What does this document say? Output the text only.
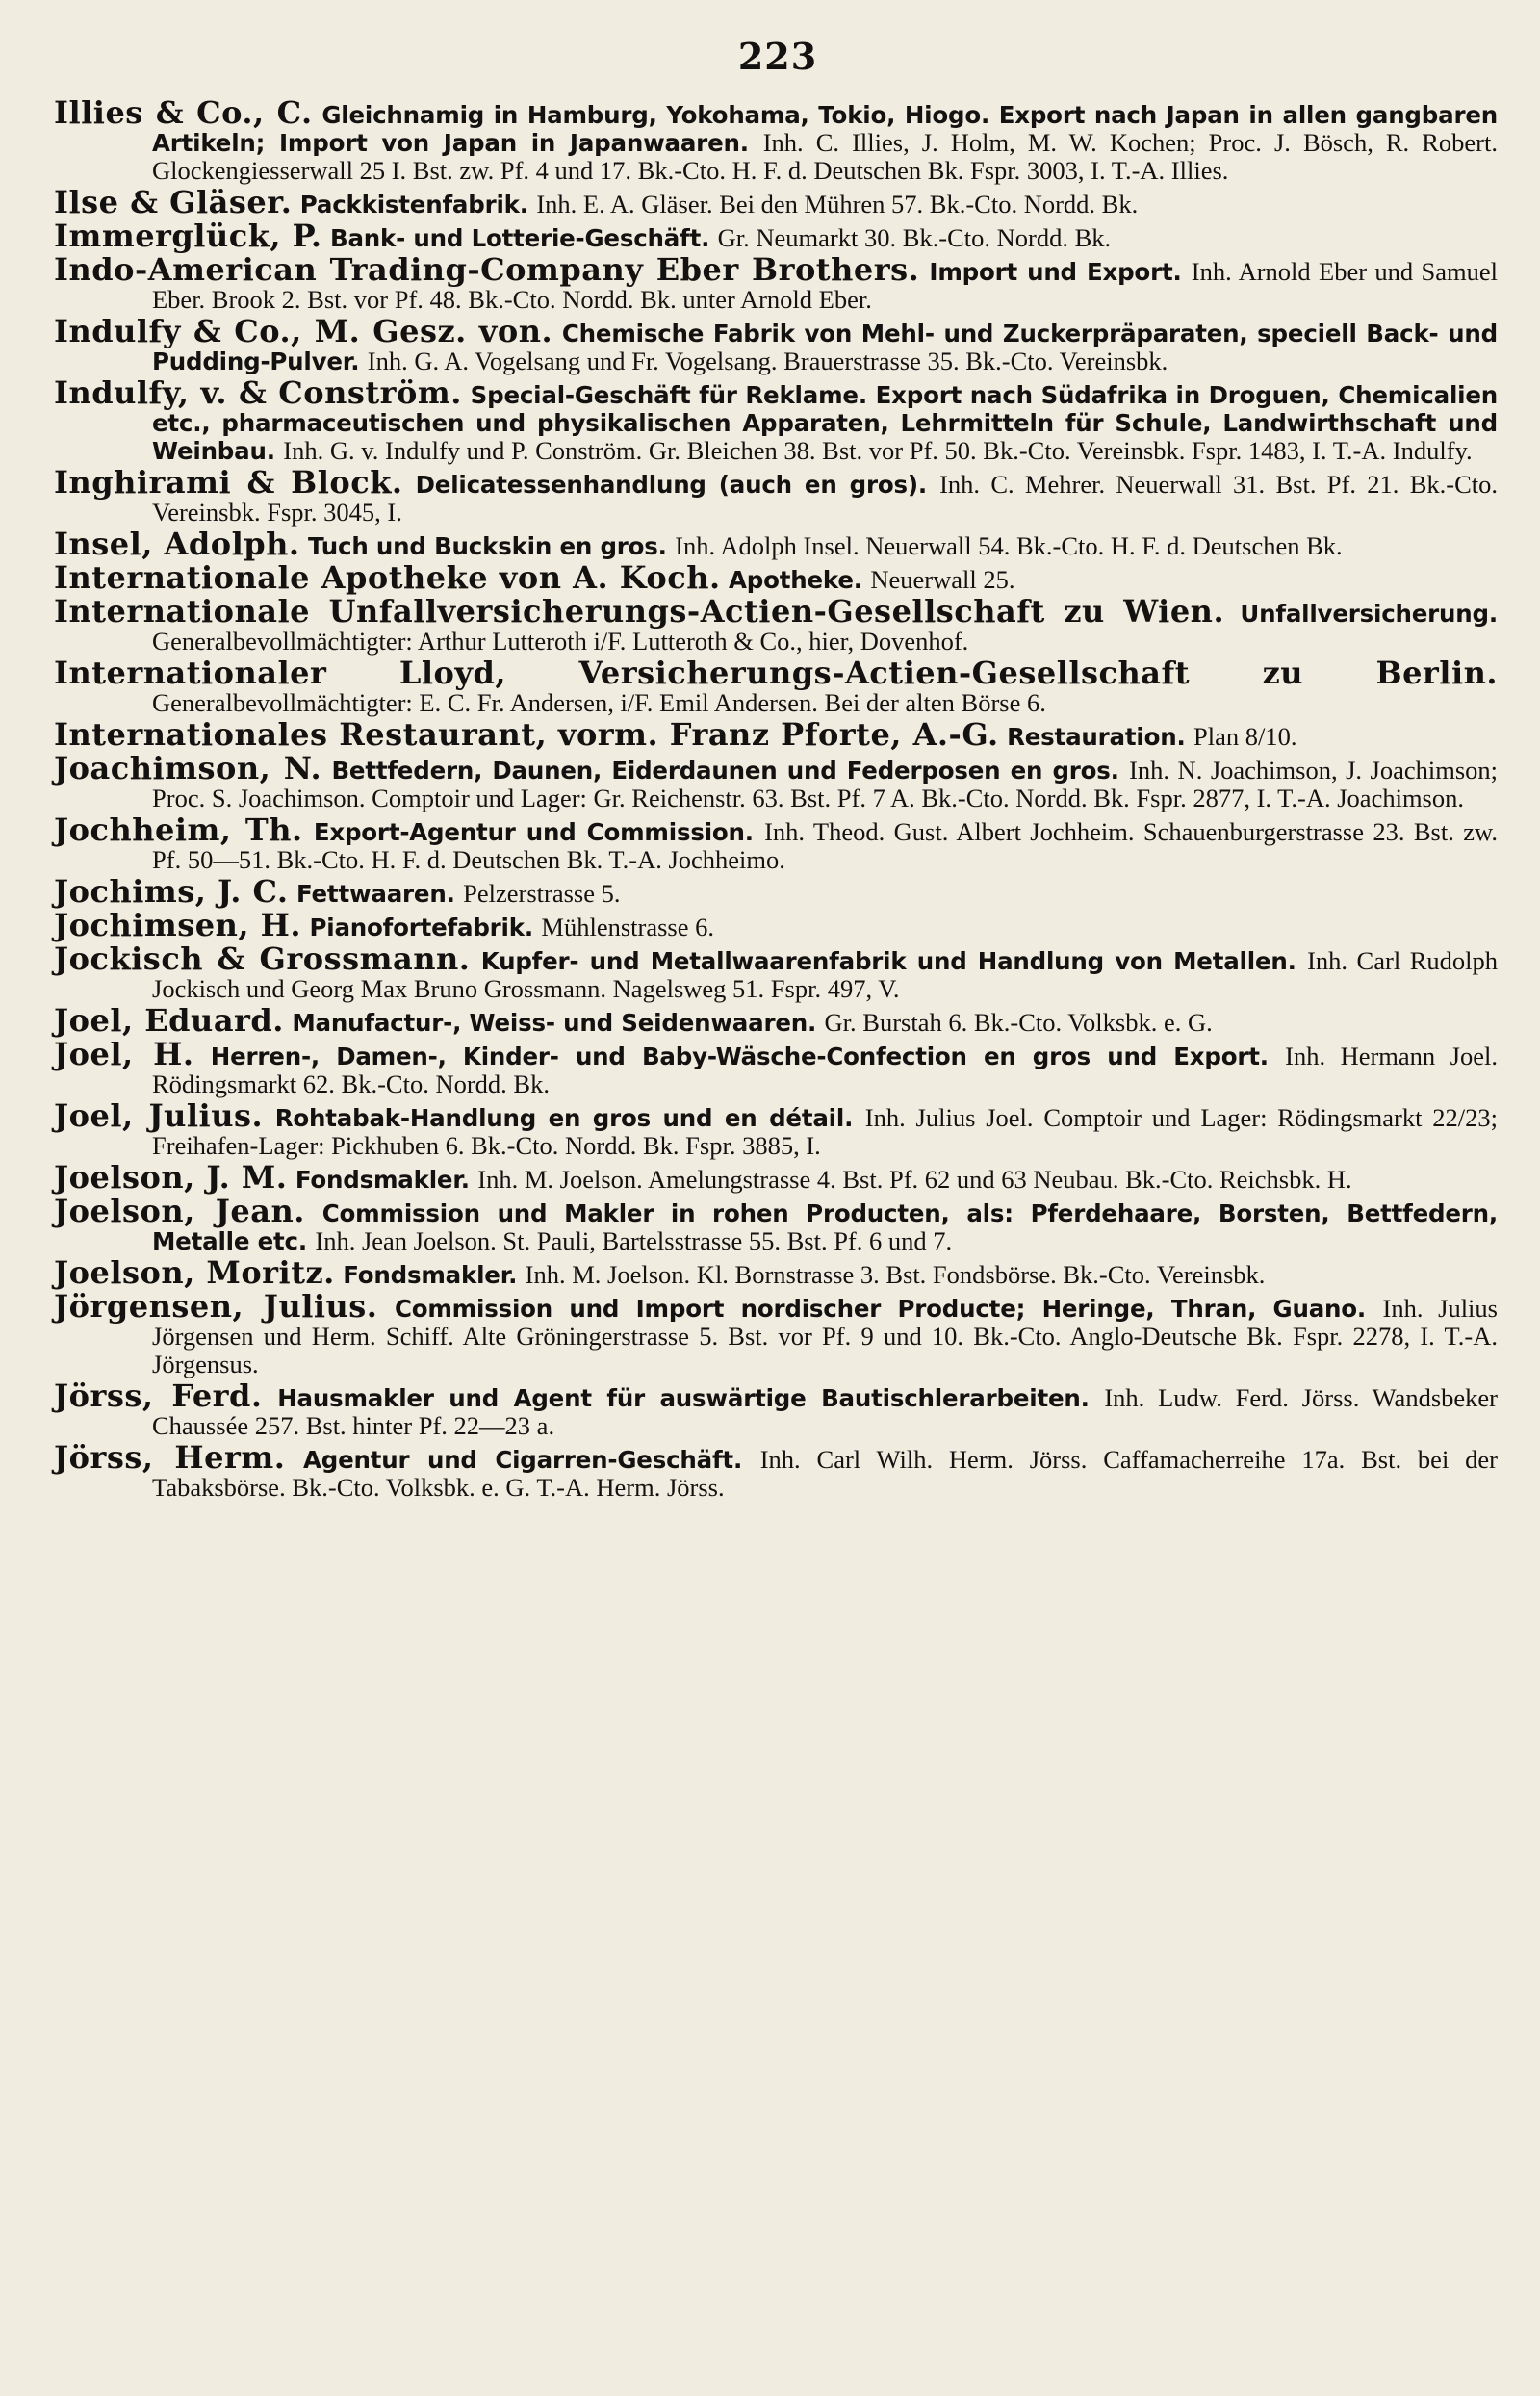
223

Illies & Co., C. Gleichnamig in Hamburg, Yokohama, Tokio, Hiogo. Export nach Japan in allen gangbaren Artikeln; Import von Japan in Japanwaaren. Inh. C. Illies, J. Holm, M. W. Kochen; Proc. J. Bösch, R. Robert. Glockengiesserwall 25 I. Bst. zw. Pf. 4 und 17. Bk.-Cto. H. F. d. Deutschen Bk. Fspr. 3003, I. T.-A. Illies.

Ilse & Gläser. Packkistenfabrik. Inh. E. A. Gläser. Bei den Mühren 57. Bk.-Cto. Nordd. Bk.

Immerglück, P. Bank- und Lotterie-Geschäft. Gr. Neumarkt 30. Bk.-Cto. Nordd. Bk.

Indo-American Trading-Company Eber Brothers. Import und Export. Inh. Arnold Eber und Samuel Eber. Brook 2. Bst. vor Pf. 48. Bk.-Cto. Nordd. Bk. unter Arnold Eber.

Indulfy & Co., M. Gesz. von. Chemische Fabrik von Mehl- und Zuckerpräparaten, speciell Back- und Pudding-Pulver. Inh. G. A. Vogelsang und Fr. Vogelsang. Brauerstrasse 35. Bk.-Cto. Vereinsbk.

Indulfy, v. & Conström. Special-Geschäft für Reklame. Export nach Südafrika in Droguen, Chemicalien etc., pharmaceutischen und physikalischen Apparaten, Lehrmitteln für Schule, Landwirthschaft und Weinbau. Inh. G. v. Indulfy und P. Conström. Gr. Bleichen 38. Bst. vor Pf. 50. Bk.-Cto. Vereinsbk. Fspr. 1483, I. T.-A. Indulfy.

Inghirami & Block. Delicatessenhandlung (auch en gros). Inh. C. Mehrer. Neuerwall 31. Bst. Pf. 21. Bk.-Cto. Vereinsbk. Fspr. 3045, I.

Insel, Adolph. Tuch und Buckskin en gros. Inh. Adolph Insel. Neuerwall 54. Bk.-Cto. H. F. d. Deutschen Bk.

Internationale Apotheke von A. Koch. Apotheke. Neuerwall 25.

Internationale Unfallversicherungs-Actien-Gesellschaft zu Wien. Unfallversicherung. Generalbevollmächtigter: Arthur Lutteroth i/F. Lutteroth & Co., hier, Dovenhof.

Internationaler Lloyd, Versicherungs-Actien-Gesellschaft zu Berlin. Generalbevollmächtigter: E. C. Fr. Andersen, i/F. Emil Andersen. Bei der alten Börse 6.

Internationales Restaurant, vorm. Franz Pforte, A.-G. Restauration. Plan 8/10.

Joachimson, N. Bettfedern, Daunen, Eiderdaunen und Federposen en gros. Inh. N. Joachimson, J. Joachimson; Proc. S. Joachimson. Comptoir und Lager: Gr. Reichenstr. 63. Bst. Pf. 7 A. Bk.-Cto. Nordd. Bk. Fspr. 2877, I. T.-A. Joachimson.

Jochheim, Th. Export-Agentur und Commission. Inh. Theod. Gust. Albert Jochheim. Schauenburgerstrasse 23. Bst. zw. Pf. 50—51. Bk.-Cto. H. F. d. Deutschen Bk. T.-A. Jochheimo.

Jochims, J. C. Fettwaaren. Pelzerstrasse 5.

Jochimsen, H. Pianofortefabrik. Mühlenstrasse 6.

Jockisch & Grossmann. Kupfer- und Metallwaarenfabrik und Handlung von Metallen. Inh. Carl Rudolph Jockisch und Georg Max Bruno Grossmann. Nagelsweg 51. Fspr. 497, V.

Joel, Eduard. Manufactur-, Weiss- und Seidenwaaren. Gr. Burstah 6. Bk.-Cto. Volksbk. e. G.

Joel, H. Herren-, Damen-, Kinder- und Baby-Wäsche-Confection en gros und Export. Inh. Hermann Joel. Rödingsmarkt 62. Bk.-Cto. Nordd. Bk.

Joel, Julius. Rohtabak-Handlung en gros und en détail. Inh. Julius Joel. Comptoir und Lager: Rödingsmarkt 22/23; Freihafen-Lager: Pickhuben 6. Bk.-Cto. Nordd. Bk. Fspr. 3885, I.

Joelson, J. M. Fondsmakler. Inh. M. Joelson. Amelungstrasse 4. Bst. Pf. 62 und 63 Neubau. Bk.-Cto. Reichsbk. H.

Joelson, Jean. Commission und Makler in rohen Producten, als: Pferdehaare, Borsten, Bettfedern, Metalle etc. Inh. Jean Joelson. St. Pauli, Bartelsstrasse 55. Bst. Pf. 6 und 7.

Joelson, Moritz. Fondsmakler. Inh. M. Joelson. Kl. Bornstrasse 3. Bst. Fondsbörse. Bk.-Cto. Vereinsbk.

Jörgensen, Julius. Commission und Import nordischer Producte; Heringe, Thran, Guano. Inh. Julius Jörgensen und Herm. Schiff. Alte Gröningerstrasse 5. Bst. vor Pf. 9 und 10. Bk.-Cto. Anglo-Deutsche Bk. Fspr. 2278, I. T.-A. Jörgensus.

Jörss, Ferd. Hausmakler und Agent für auswärtige Bautischlerarbeiten. Inh. Ludw. Ferd. Jörss. Wandsbeker Chaussée 257. Bst. hinter Pf. 22—23 a.

Jörss, Herm. Agentur und Cigarren-Geschäft. Inh. Carl Wilh. Herm. Jörss. Caffamacherreihe 17a. Bst. bei der Tabaksbörse. Bk.-Cto. Volksbk. e. G. T.-A. Herm. Jörss.
